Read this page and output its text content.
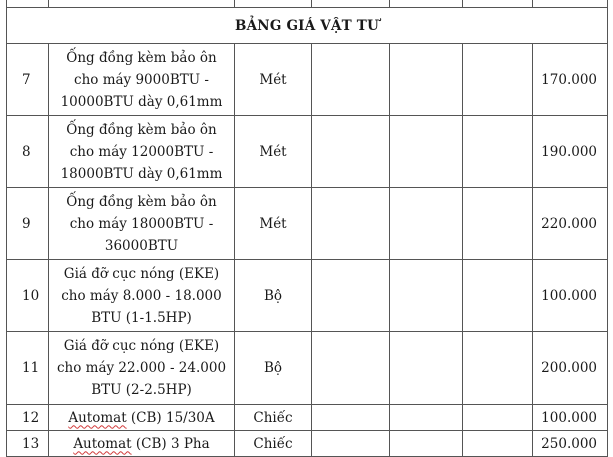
BẢNG GIÁ VẬT TƯ						
7	Ống đồng kèm bảo ôn
cho máy 9000BTU -
10000BTU dày 0,61mm	Mét				170.000
8	Ống đồng kèm bảo ôn
cho máy 12000BTU -
18000BTU dày 0,61mm	Mét				190.000
9	Ống đồng kèm bảo ôn
cho máy 18000BTU -
36000BTU	Mét				220.000
10	Giá đỡ cục nóng (EKE)
cho máy 8.000 - 18.000
BTU (1-1.5HP)	Bộ				100.000
11	Giá đỡ cục nóng (EKE)
cho máy 22.000 - 24.000
BTU (2-2.5HP)	Bộ				200.000
12	Automat (CB) 15/30A	Chiếc				100.000
13	Automat (CB) 3 Pha	Chiếc				250.000
